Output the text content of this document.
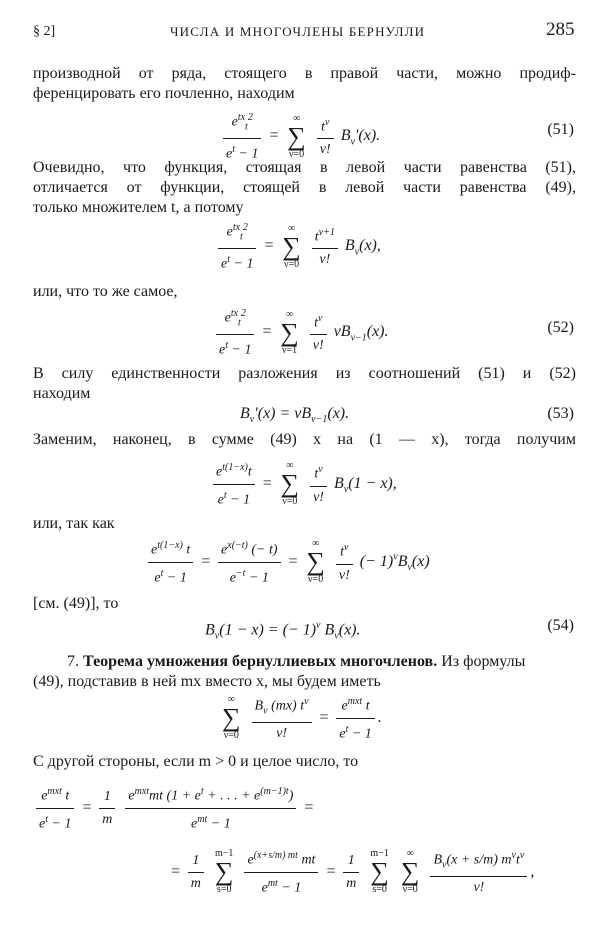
§ 2]	ЧИСЛА И МНОГОЧЛЕНЫ БЕРНУЛЛИ	285
производной от ряда, стоящего в правой части, можно продиф-
ференцировать его почленно, находим
$\frac{e^{tx}_t^2}{e^t - 1}$ =
∞
∑
ν=0
$\frac{t^\nu}{\nu!} B_\nu'(x)$.	(51)
Очевидно, что функция, стоящая в левой части равенства (51),
отличается от функции, стоящей в левой части равенства (49),
только множителем t, а потому
$\frac{e^{tx}_t^2}{e^t - 1}$ =
∞
∑
ν=0
$\frac{t^{\nu+1}}{\nu!} B_\nu(x)$,
или, что то же самое,
$\frac{e^{tx}_t^2}{e^t - 1}$ =
∞
∑
ν=1
$\frac{t^\nu}{\nu!} \nu B_{\nu-1}(x)$.	(52)
В силу единственности разложения из соотношений (51) и (52)
находим
$B_\nu'(x) = \nu B_{\nu-1}(x)$.	(53)
Заменим, наконец, в сумме (49) x на (1 — x), тогда получим
$\frac{e^{t(1-x)}t}{e^t - 1}$ =
∞
∑
ν=0
$\frac{t^\nu}{\nu!} B_\nu(1 - x)$,
или, так как
$\frac{e^{t(1-x)} t}{e^t - 1} = \frac{e^{x(-t)} (- t)}{e^{-t} - 1}$ =
∞
∑
ν=0
$\frac{t^\nu}{\nu!}$ (− $1)^\nu B_\nu(x)$
[см. (49)], то
$B_\nu(1 - x)$ = (− 1)$^\nu$ $B_\nu(x)$.	(54)
7. Теорема умножения бернуллиевых многочленов. Из формулы
(49), подставив в ней mx вместо x, мы будем иметь
∞
∑
ν=0
$\frac{B_\nu (mx) t^\nu}{\nu!} = \frac{e^{mxt} t}{e^t - 1}$ .
С другой стороны, если m > 0 и целое число, то
$\frac{e^{mxt} t}{e^t - 1} = \frac{1}{m}$
$\frac{e^{mxt}mt (1 + e^t + . . . + e^{(m-1)t})}{e^{mt} - 1}$ =
= $\frac{1}{m}$
m−1
∑
s=0
$\frac{e^{(x+s/m) mt} mt}{e^{mt} - 1} = \frac{1}{m}$
m−1
∑
s=0

∞
∑
ν=0
$\frac{B_\nu(x + s/m) m^\nu t^\nu}{\nu!}$ ,
